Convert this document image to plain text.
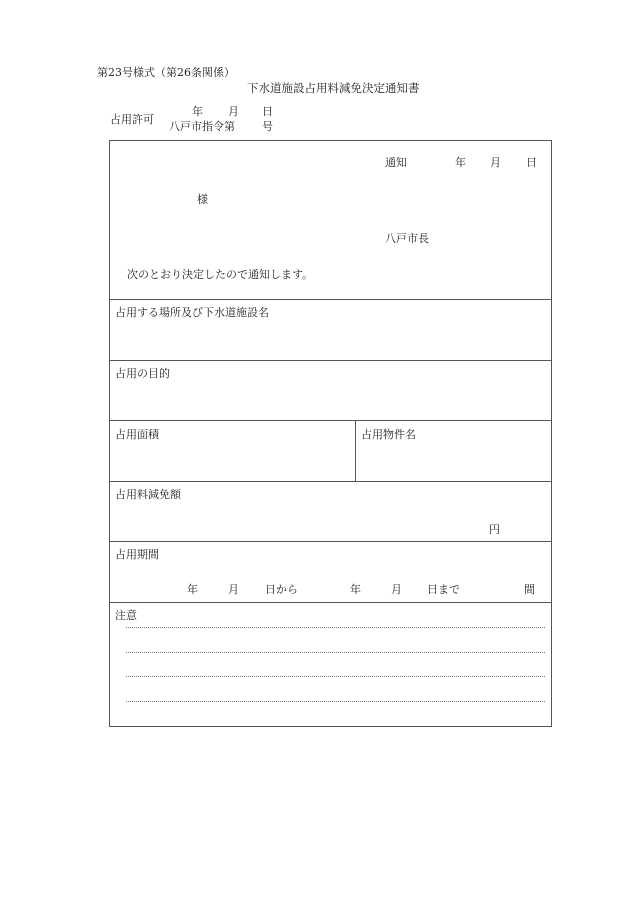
第23号様式（第26条関係）
下水道施設占用料減免決定通知書
占用許可
年 月 日
八戸市指令第 号
通知	年 月 日
様
八戸市長
次のとおり決定したので通知します。
占用する場所及び下水道施設名
占用の目的
占用面積	占用物件名
占用料減免額
円
占用期間
年	月 日から	年	月 日まで	間
注意
